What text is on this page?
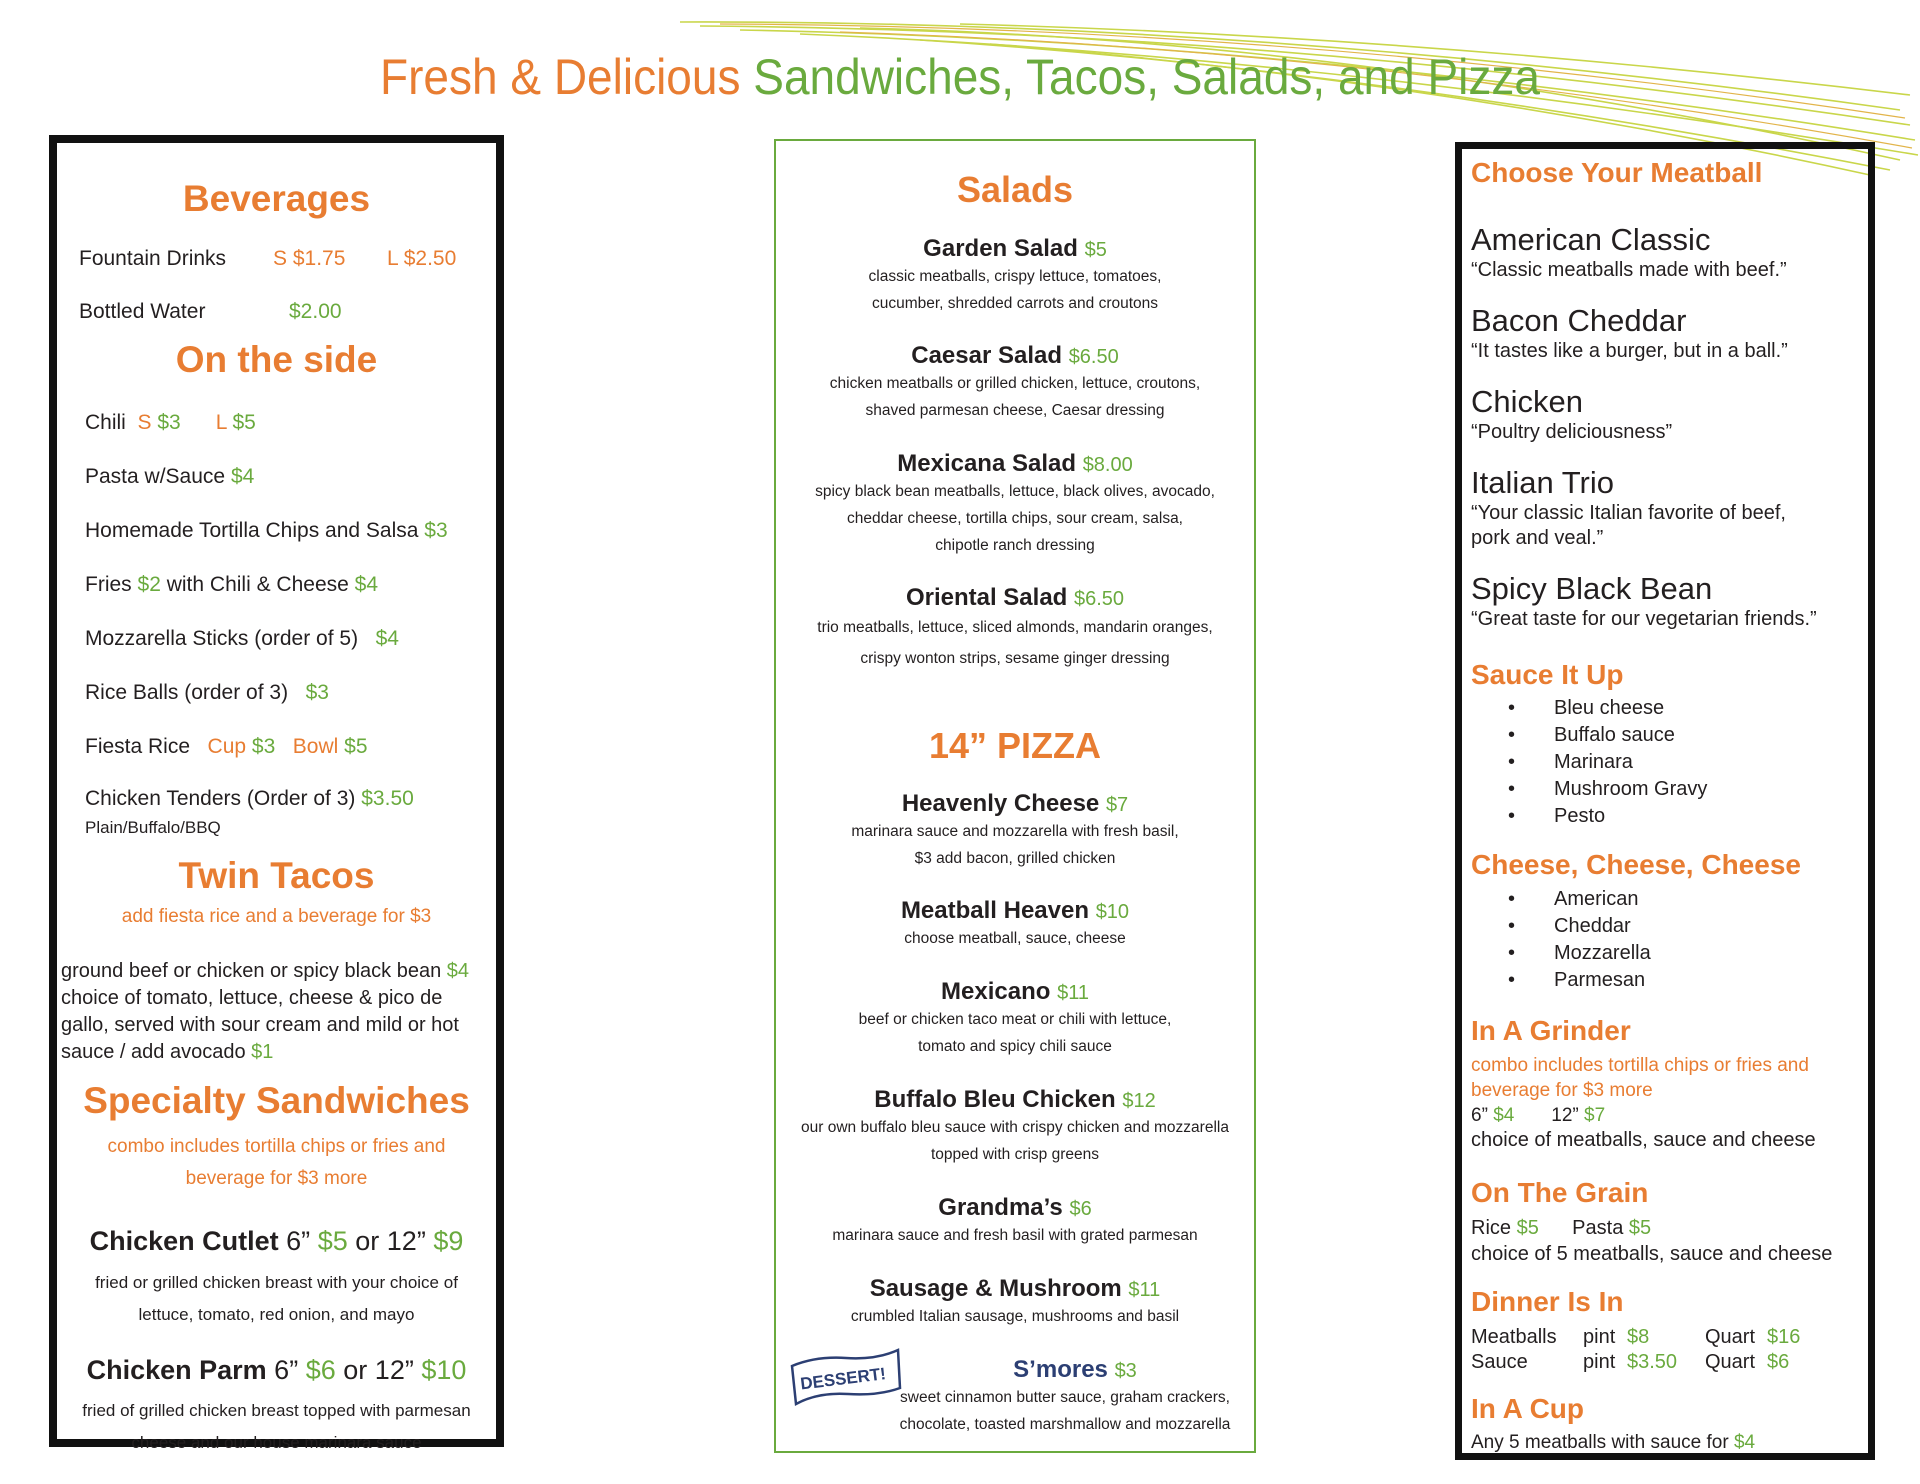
Fresh & Delicious Sandwiches, Tacos, Salads, and Pizza
Beverages
Fountain Drinks S $1.75 L $2.50
Bottled Water	$2.00
On the side
Chili S $3 L $5
Pasta w/Sauce $4
Homemade Tortilla Chips and Salsa $3
Fries $2 with Chili & Cheese $4
Mozzarella Sticks (order of 5) $4
Rice Balls (order of 3) $3
Fiesta Rice Cup $3 Bowl $5
Chicken Tenders (Order of 3) $3.50
Plain/Buffalo/BBQ
Twin Tacos
add fiesta rice and a beverage for $3
ground beef or chicken or spicy black bean $4
choice of tomato, lettuce, cheese & pico de
gallo, served with sour cream and mild or hot
sauce / add avocado $1
Specialty Sandwiches
combo includes tortilla chips or fries and
beverage for $3 more
Chicken Cutlet 6” $5 or 12” $9
fried or grilled chicken breast with your choice of
lettuce, tomato, red onion, and mayo
Chicken Parm 6” $6 or 12” $10
fried of grilled chicken breast topped with parmesan
cheese and our house marinara sauce
Salads
Garden Salad $5
classic meatballs, crispy lettuce, tomatoes,
cucumber, shredded carrots and croutons
Caesar Salad $6.50
chicken meatballs or grilled chicken, lettuce, croutons,
shaved parmesan cheese, Caesar dressing
Mexicana Salad $8.00
spicy black bean meatballs, lettuce, black olives, avocado,
cheddar cheese, tortilla chips, sour cream, salsa,
chipotle ranch dressing
Oriental Salad $6.50
trio meatballs, lettuce, sliced almonds, mandarin oranges,
crispy wonton strips, sesame ginger dressing
14” PIZZA
Heavenly Cheese $7
marinara sauce and mozzarella with fresh basil,
$3 add bacon, grilled chicken
Meatball Heaven $10
choose meatball, sauce, cheese
Mexicano $11
beef or chicken taco meat or chili with lettuce,
tomato and spicy chili sauce
Buffalo Bleu Chicken $12
our own buffalo bleu sauce with crispy chicken and mozzarella
topped with crisp greens
Grandma’s $6
marinara sauce and fresh basil with grated parmesan
Sausage & Mushroom $11
crumbled Italian sausage, mushrooms and basil
S’mores $3
sweet cinnamon butter sauce, graham crackers,
chocolate, toasted marshmallow and mozzarella
DESSERT!
Choose Your Meatball
American Classic
“Classic meatballs made with beef.”
Bacon Cheddar
“It tastes like a burger, but in a ball.”
Chicken
“Poultry deliciousness”
Italian Trio
“Your classic Italian favorite of beef,
pork and veal.”
Spicy Black Bean
“Great taste for our vegetarian friends.”
Sauce It Up
• Bleu cheese
• Buffalo sauce
• Marinara
• Mushroom Gravy
• Pesto
Cheese, Cheese, Cheese
• American
• Cheddar
• Mozzarella
• Parmesan
In A Grinder
combo includes tortilla chips or fries and
beverage for $3 more
6” $4 12” $7
choice of meatballs, sauce and cheese
On The Grain
Rice $5 Pasta $5
choice of 5 meatballs, sauce and cheese
Dinner Is In
Meatballs pint $8	Quart $16
Sauce	pint $3.50 Quart $6
In A Cup
Any 5 meatballs with sauce for $4
